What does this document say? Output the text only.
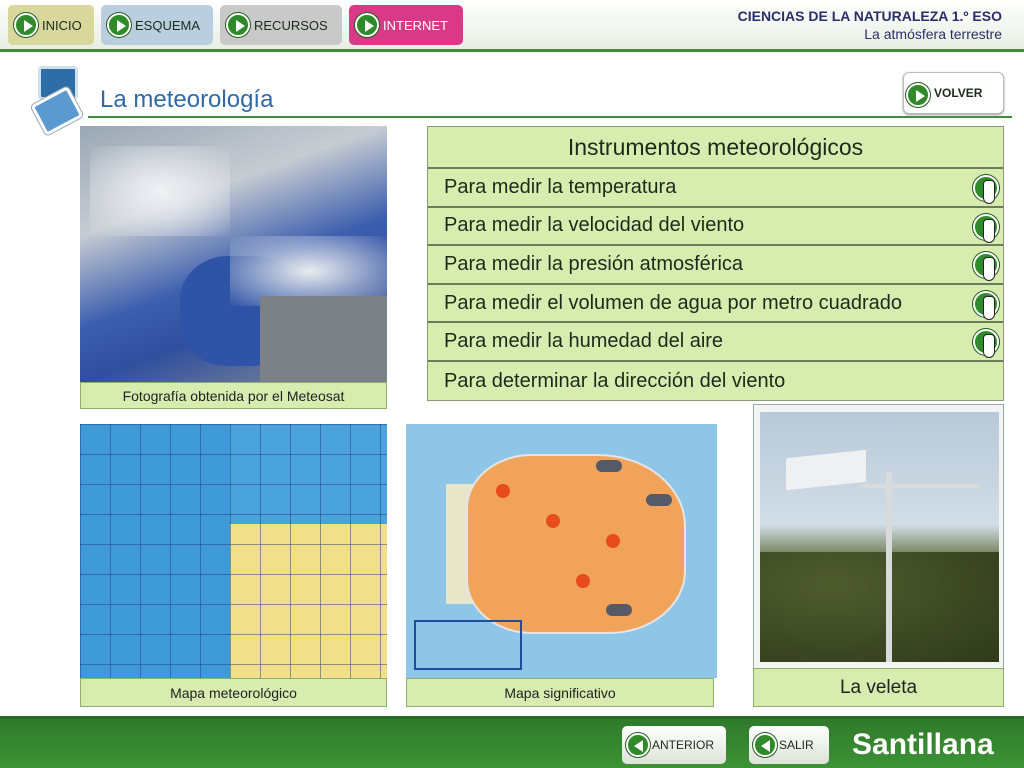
INICIO	ESQUEMA	RECURSOS	INTERNET
CIENCIAS DE LA NATURALEZA 1.º ESO
La atmósfera terrestre
La meteorología	VOLVER
Fotografía obtenida por el Meteosat
Instrumentos meteorológicos
Para medir la temperatura
Para medir la velocidad del viento
Para medir la presión atmosférica
Para medir el volumen de agua por metro cuadrado
Para medir la humedad del aire
Para determinar la dirección del viento
Mapa meteorológico	Mapa significativo	La veleta
ANTERIOR	SALIR Santillana
